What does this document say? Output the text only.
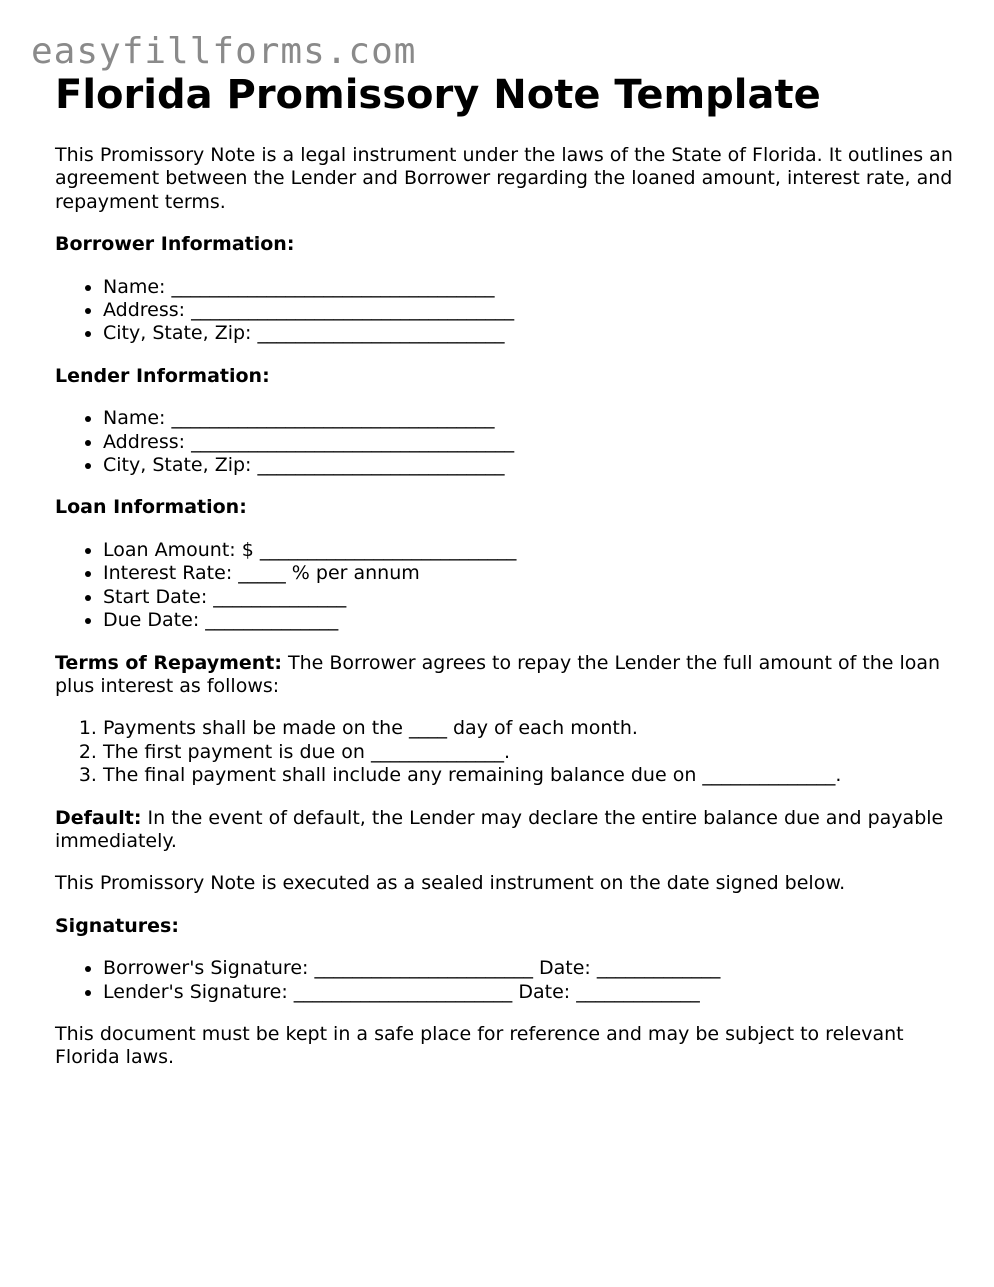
easyfillforms.com
Florida Promissory Note Template

This Promissory Note is a legal instrument under the laws of the State of Florida. It outlines an agreement between the Lender and Borrower regarding the loaned amount, interest rate, and repayment terms.

Borrower Information:

• Name: __________________________________
• Address: __________________________________
• City, State, Zip: __________________________

Lender Information:

• Name: __________________________________
• Address: __________________________________
• City, State, Zip: __________________________

Loan Information:

• Loan Amount: $ ___________________________
• Interest Rate: _____ % per annum
• Start Date: ______________
• Due Date: ______________

Terms of Repayment: The Borrower agrees to repay the Lender the full amount of the loan plus interest as follows:

1. Payments shall be made on the ____ day of each month.
2. The first payment is due on ______________.
3. The final payment shall include any remaining balance due on ______________.

Default: In the event of default, the Lender may declare the entire balance due and payable immediately.

This Promissory Note is executed as a sealed instrument on the date signed below.

Signatures:

• Borrower's Signature: _______________________ Date: _____________
• Lender's Signature: _______________________ Date: _____________

This document must be kept in a safe place for reference and may be subject to relevant Florida laws.
